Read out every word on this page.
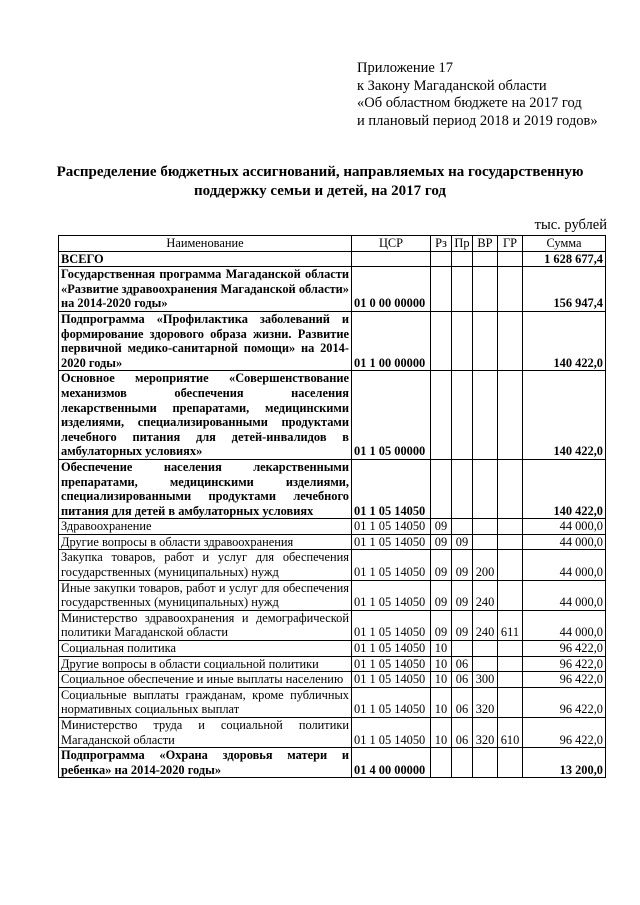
Приложение 17
к Закону Магаданской области
«Об областном бюджете на 2017 год
и плановый период 2018 и 2019 годов»
Распределение бюджетных ассигнований, направляемых на государственную
поддержку семьи и детей, на 2017 год
тыс. рублей
Наименование	ЦСР	Рз	Пр	ВР	ГР	Сумма
ВСЕГО						1 628 677,4
Государственная программа Магаданской области «Развитие здравоохранения Магаданской области» на 2014-2020 годы»	01 0 00 00000					156 947,4
Подпрограмма «Профилактика заболеваний и формирование здорового образа жизни. Развитие первичной медико-санитарной помощи» на 2014-2020 годы»	01 1 00 00000					140 422,0
Основное мероприятие «Совершенствование механизмов обеспечения населения лекарственными препаратами, медицинскими изделиями, специализированными продуктами лечебного питания для детей-инвалидов в амбулаторных условиях»	01 1 05 00000					140 422,0
Обеспечение населения лекарственными препаратами, медицинскими изделиями, специализированными продуктами лечебного питания для детей в амбулаторных условиях	01 1 05 14050					140 422,0
Здравоохранение	01 1 05 14050	09				44 000,0
Другие вопросы в области здравоохранения	01 1 05 14050	09	09			44 000,0
Закупка товаров, работ и услуг для обеспечения государственных (муниципальных) нужд	01 1 05 14050	09	09	200		44 000,0
Иные закупки товаров, работ и услуг для обеспечения государственных (муниципальных) нужд	01 1 05 14050	09	09	240		44 000,0
Министерство здравоохранения и демографической политики Магаданской области	01 1 05 14050	09	09	240	611	44 000,0
Социальная политика	01 1 05 14050	10				96 422,0
Другие вопросы в области социальной политики	01 1 05 14050	10	06			96 422,0
Социальное обеспечение и иные выплаты населению	01 1 05 14050	10	06	300		96 422,0
Социальные выплаты гражданам, кроме публичных нормативных социальных выплат	01 1 05 14050	10	06	320		96 422,0
Министерство труда и социальной политики Магаданской области	01 1 05 14050	10	06	320	610	96 422,0
Подпрограмма «Охрана здоровья матери и ребенка» на 2014-2020 годы»	01 4 00 00000					13 200,0
